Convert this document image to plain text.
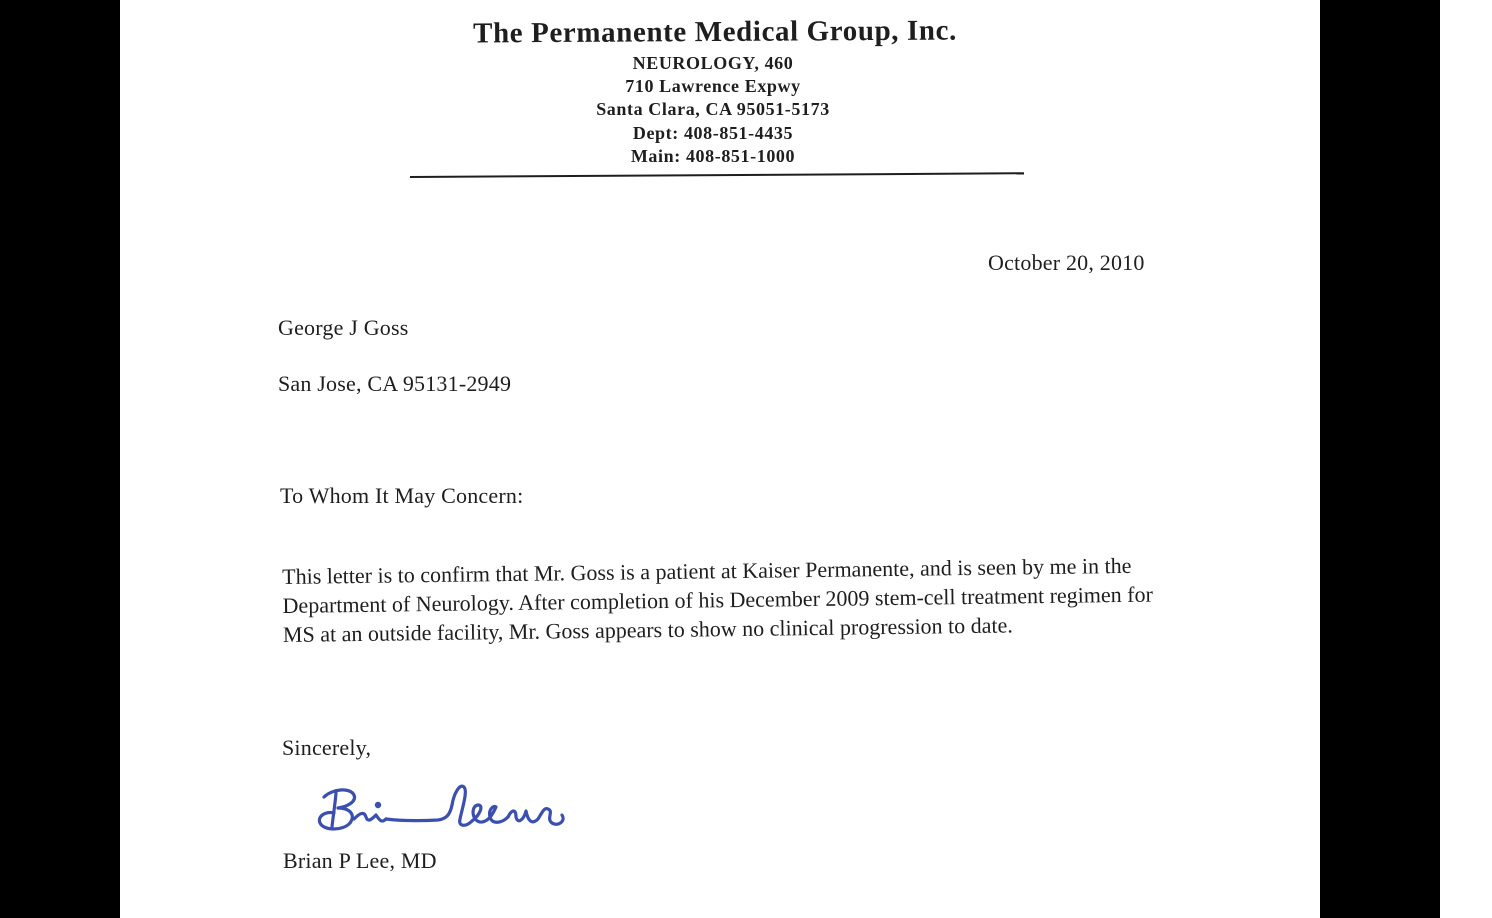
The Permanente Medical Group, Inc.
NEUROLOGY, 460
710 Lawrence Expwy
Santa Clara, CA 95051-5173
Dept: 408-851-4435
Main: 408-851-1000
October 20, 2010
George J Goss
San Jose, CA 95131-2949
To Whom It May Concern:
This letter is to confirm that Mr. Goss is a patient at Kaiser Permanente, and is seen by me in the Department of Neurology. After completion of his December 2009 stem-cell treatment regimen for MS at an outside facility, Mr. Goss appears to show no clinical progression to date.
Sincerely,
Brian P Lee, MD
